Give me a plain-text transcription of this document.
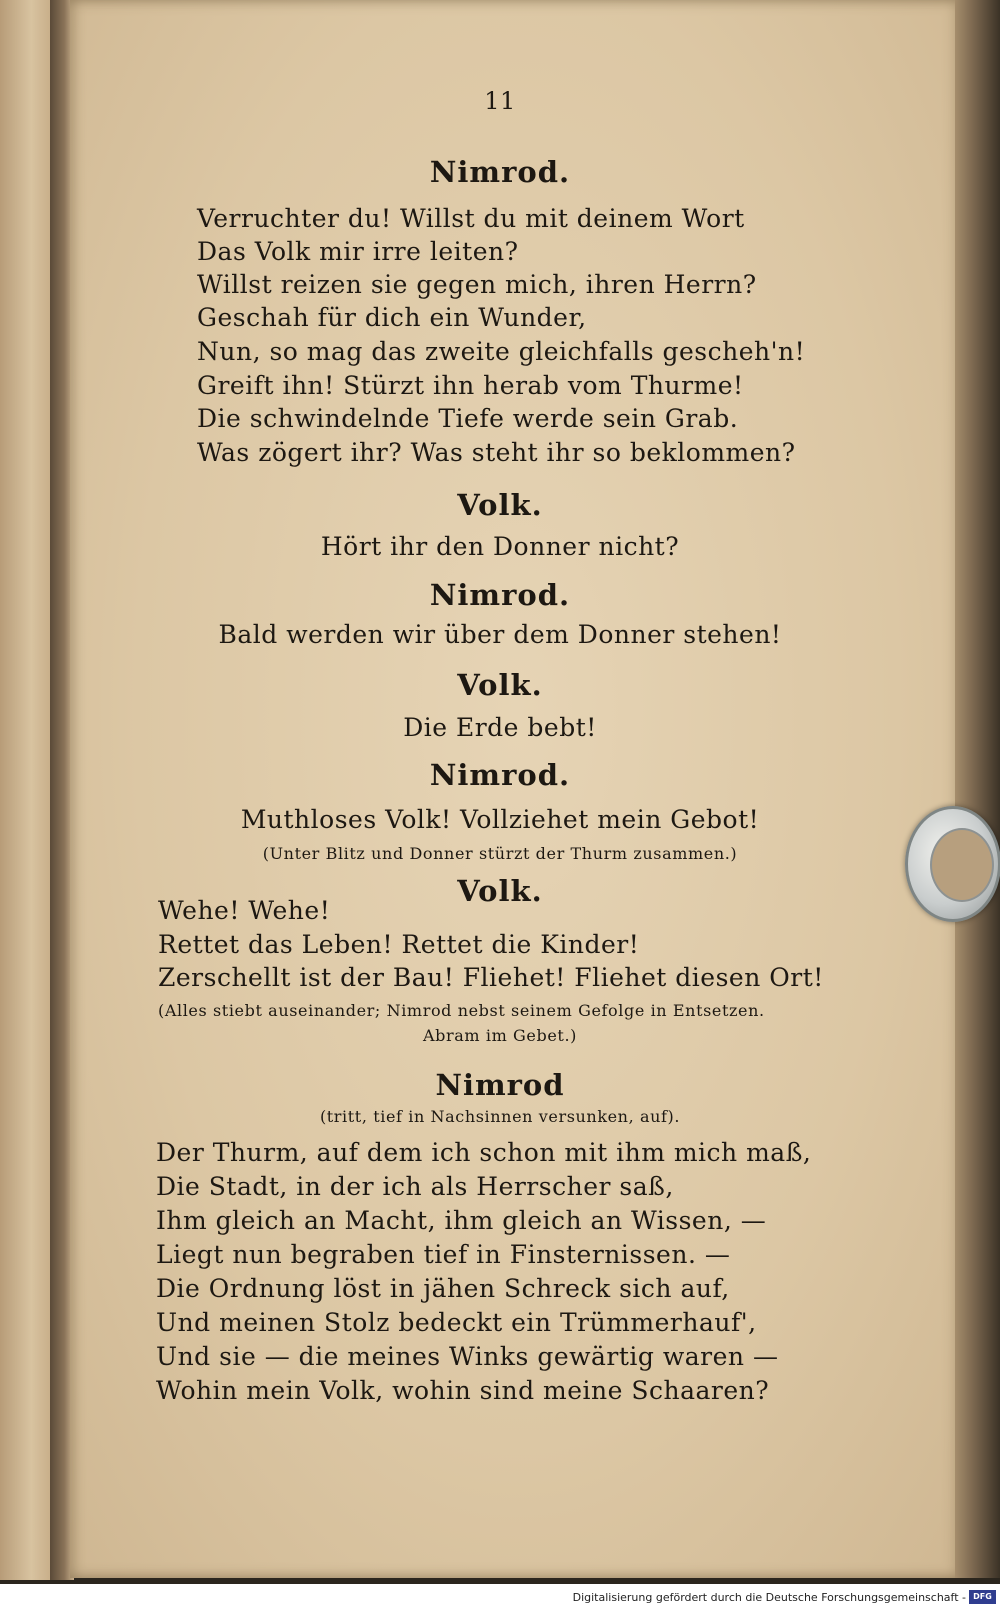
11
Nimrod.
Verruchter du! Willst du mit deinem Wort
Das Volk mir irre leiten?
Willst reizen sie gegen mich, ihren Herrn?
Geschah für dich ein Wunder,
Nun, so mag das zweite gleichfalls gescheh'n!
Greift ihn! Stürzt ihn herab vom Thurme!
Die schwindelnde Tiefe werde sein Grab.
Was zögert ihr? Was steht ihr so beklommen?
Volk.
Hört ihr den Donner nicht?
Nimrod.
Bald werden wir über dem Donner stehen!
Volk.
Die Erde bebt!
Nimrod.
Muthloses Volk! Vollziehet mein Gebot!
(Unter Blitz und Donner stürzt der Thurm zusammen.)
Volk.
Wehe! Wehe!
Rettet das Leben! Rettet die Kinder!
Zerschellt ist der Bau! Fliehet! Fliehet diesen Ort!
(Alles stiebt auseinander; Nimrod nebst seinem Gefolge in Entsetzen.
Abram im Gebet.)
Nimrod
(tritt, tief in Nachsinnen versunken, auf).
Der Thurm, auf dem ich schon mit ihm mich maß,
Die Stadt, in der ich als Herrscher saß,
Ihm gleich an Macht, ihm gleich an Wissen, —
Liegt nun begraben tief in Finsternissen. —
Die Ordnung löst in jähen Schreck sich auf,
Und meinen Stolz bedeckt ein Trümmerhauf',
Und sie — die meines Winks gewärtig waren —
Wohin mein Volk, wohin sind meine Schaaren?
Digitalisierung gefördert durch die Deutsche Forschungsgemeinschaft - DFG
